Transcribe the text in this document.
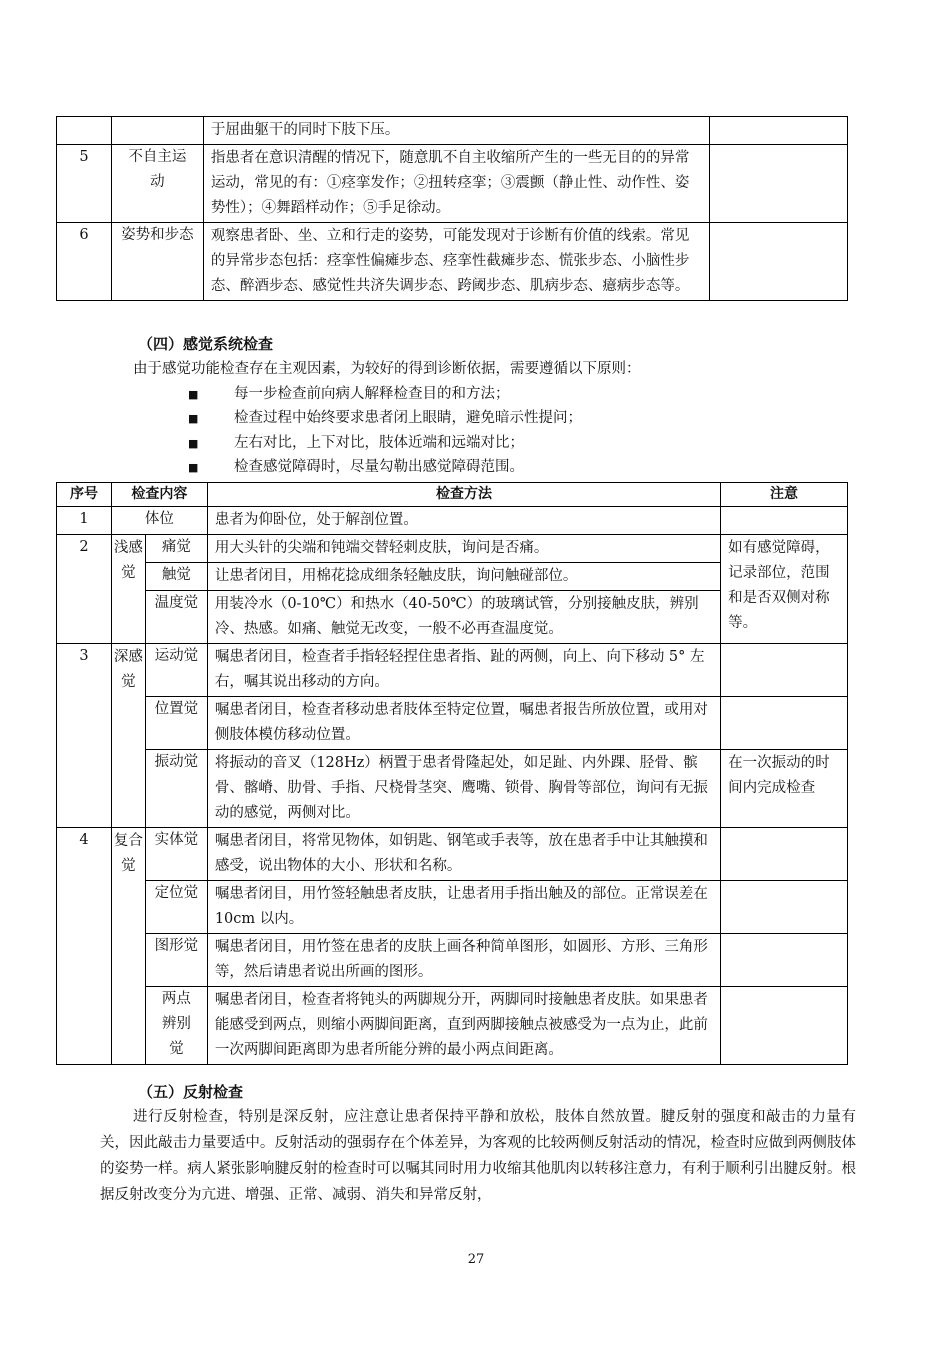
		于屈曲躯干的同时下肢下压。	
5	不自主运动	指患者在意识清醒的情况下，随意肌不自主收缩所产生的一些无目的的异常运动，常见的有：①痉挛发作；②扭转痉挛；③震颤（静止性、动作性、姿势性）；④舞蹈样动作；⑤手足徐动。	
6	姿势和步态	观察患者卧、坐、立和行走的姿势，可能发现对于诊断有价值的线索。常见的异常步态包括：痉挛性偏瘫步态、痉挛性截瘫步态、慌张步态、小脑性步态、醉酒步态、感觉性共济失调步态、跨阈步态、肌病步态、癔病步态等。	
（四）感觉系统检查
由于感觉功能检查存在主观因素，为较好的得到诊断依据，需要遵循以下原则：
■ 每一步检查前向病人解释检查目的和方法；
■ 检查过程中始终要求患者闭上眼睛，避免暗示性提问；
■ 左右对比，上下对比，肢体近端和远端对比；
■ 检查感觉障碍时，尽量勾勒出感觉障碍范围。
序号	检查内容		检查方法	注意
1	体位		患者为仰卧位，处于解剖位置。	
2	浅感觉	痛觉	用大头针的尖端和钝端交替轻刺皮肤，询问是否痛。	如有感觉障碍，记录部位，范围和是否双侧对称等。
		触觉	让患者闭目，用棉花捻成细条轻触皮肤，询问触碰部位。	
		温度觉	用装冷水（0-10℃）和热水（40-50℃）的玻璃试管，分别接触皮肤，辨别冷、热感。如痛、触觉无改变，一般不必再查温度觉。	
3	深感觉	运动觉	嘱患者闭目，检查者手指轻轻捏住患者指、趾的两侧，向上、向下移动 5° 左右，嘱其说出移动的方向。	
		位置觉	嘱患者闭目，检查者移动患者肢体至特定位置，嘱患者报告所放位置，或用对侧肢体模仿移动位置。	
		振动觉	将振动的音叉（128Hz）柄置于患者骨隆起处，如足趾、内外踝、胫骨、髌骨、髂嵴、肋骨、手指、尺桡骨茎突、鹰嘴、锁骨、胸骨等部位，询问有无振动的感觉，两侧对比。	在一次振动的时间内完成检查
4	复合觉	实体觉	嘱患者闭目，将常见物体，如钥匙、钢笔或手表等，放在患者手中让其触摸和感受，说出物体的大小、形状和名称。	
		定位觉	嘱患者闭目，用竹签轻触患者皮肤，让患者用手指出触及的部位。正常误差在 10cm 以内。	
		图形觉	嘱患者闭目，用竹签在患者的皮肤上画各种简单图形，如圆形、方形、三角形等，然后请患者说出所画的图形。	
		两点辨别觉	嘱患者闭目，检查者将钝头的两脚规分开，两脚同时接触患者皮肤。如果患者能感受到两点，则缩小两脚间距离，直到两脚接触点被感受为一点为止，此前一次两脚间距离即为患者所能分辨的最小两点间距离。	
（五）反射检查
进行反射检查，特别是深反射，应注意让患者保持平静和放松，肢体自然放置。腱反射的强度和敲击的力量有关，因此敲击力量要适中。反射活动的强弱存在个体差异，为客观的比较两侧反射活动的情况，检查时应做到两侧肢体的姿势一样。病人紧张影响腱反射的检查时可以嘱其同时用力收缩其他肌肉以转移注意力，有利于顺利引出腱反射。根据反射改变分为亢进、增强、正常、减弱、消失和异常反射，
27
